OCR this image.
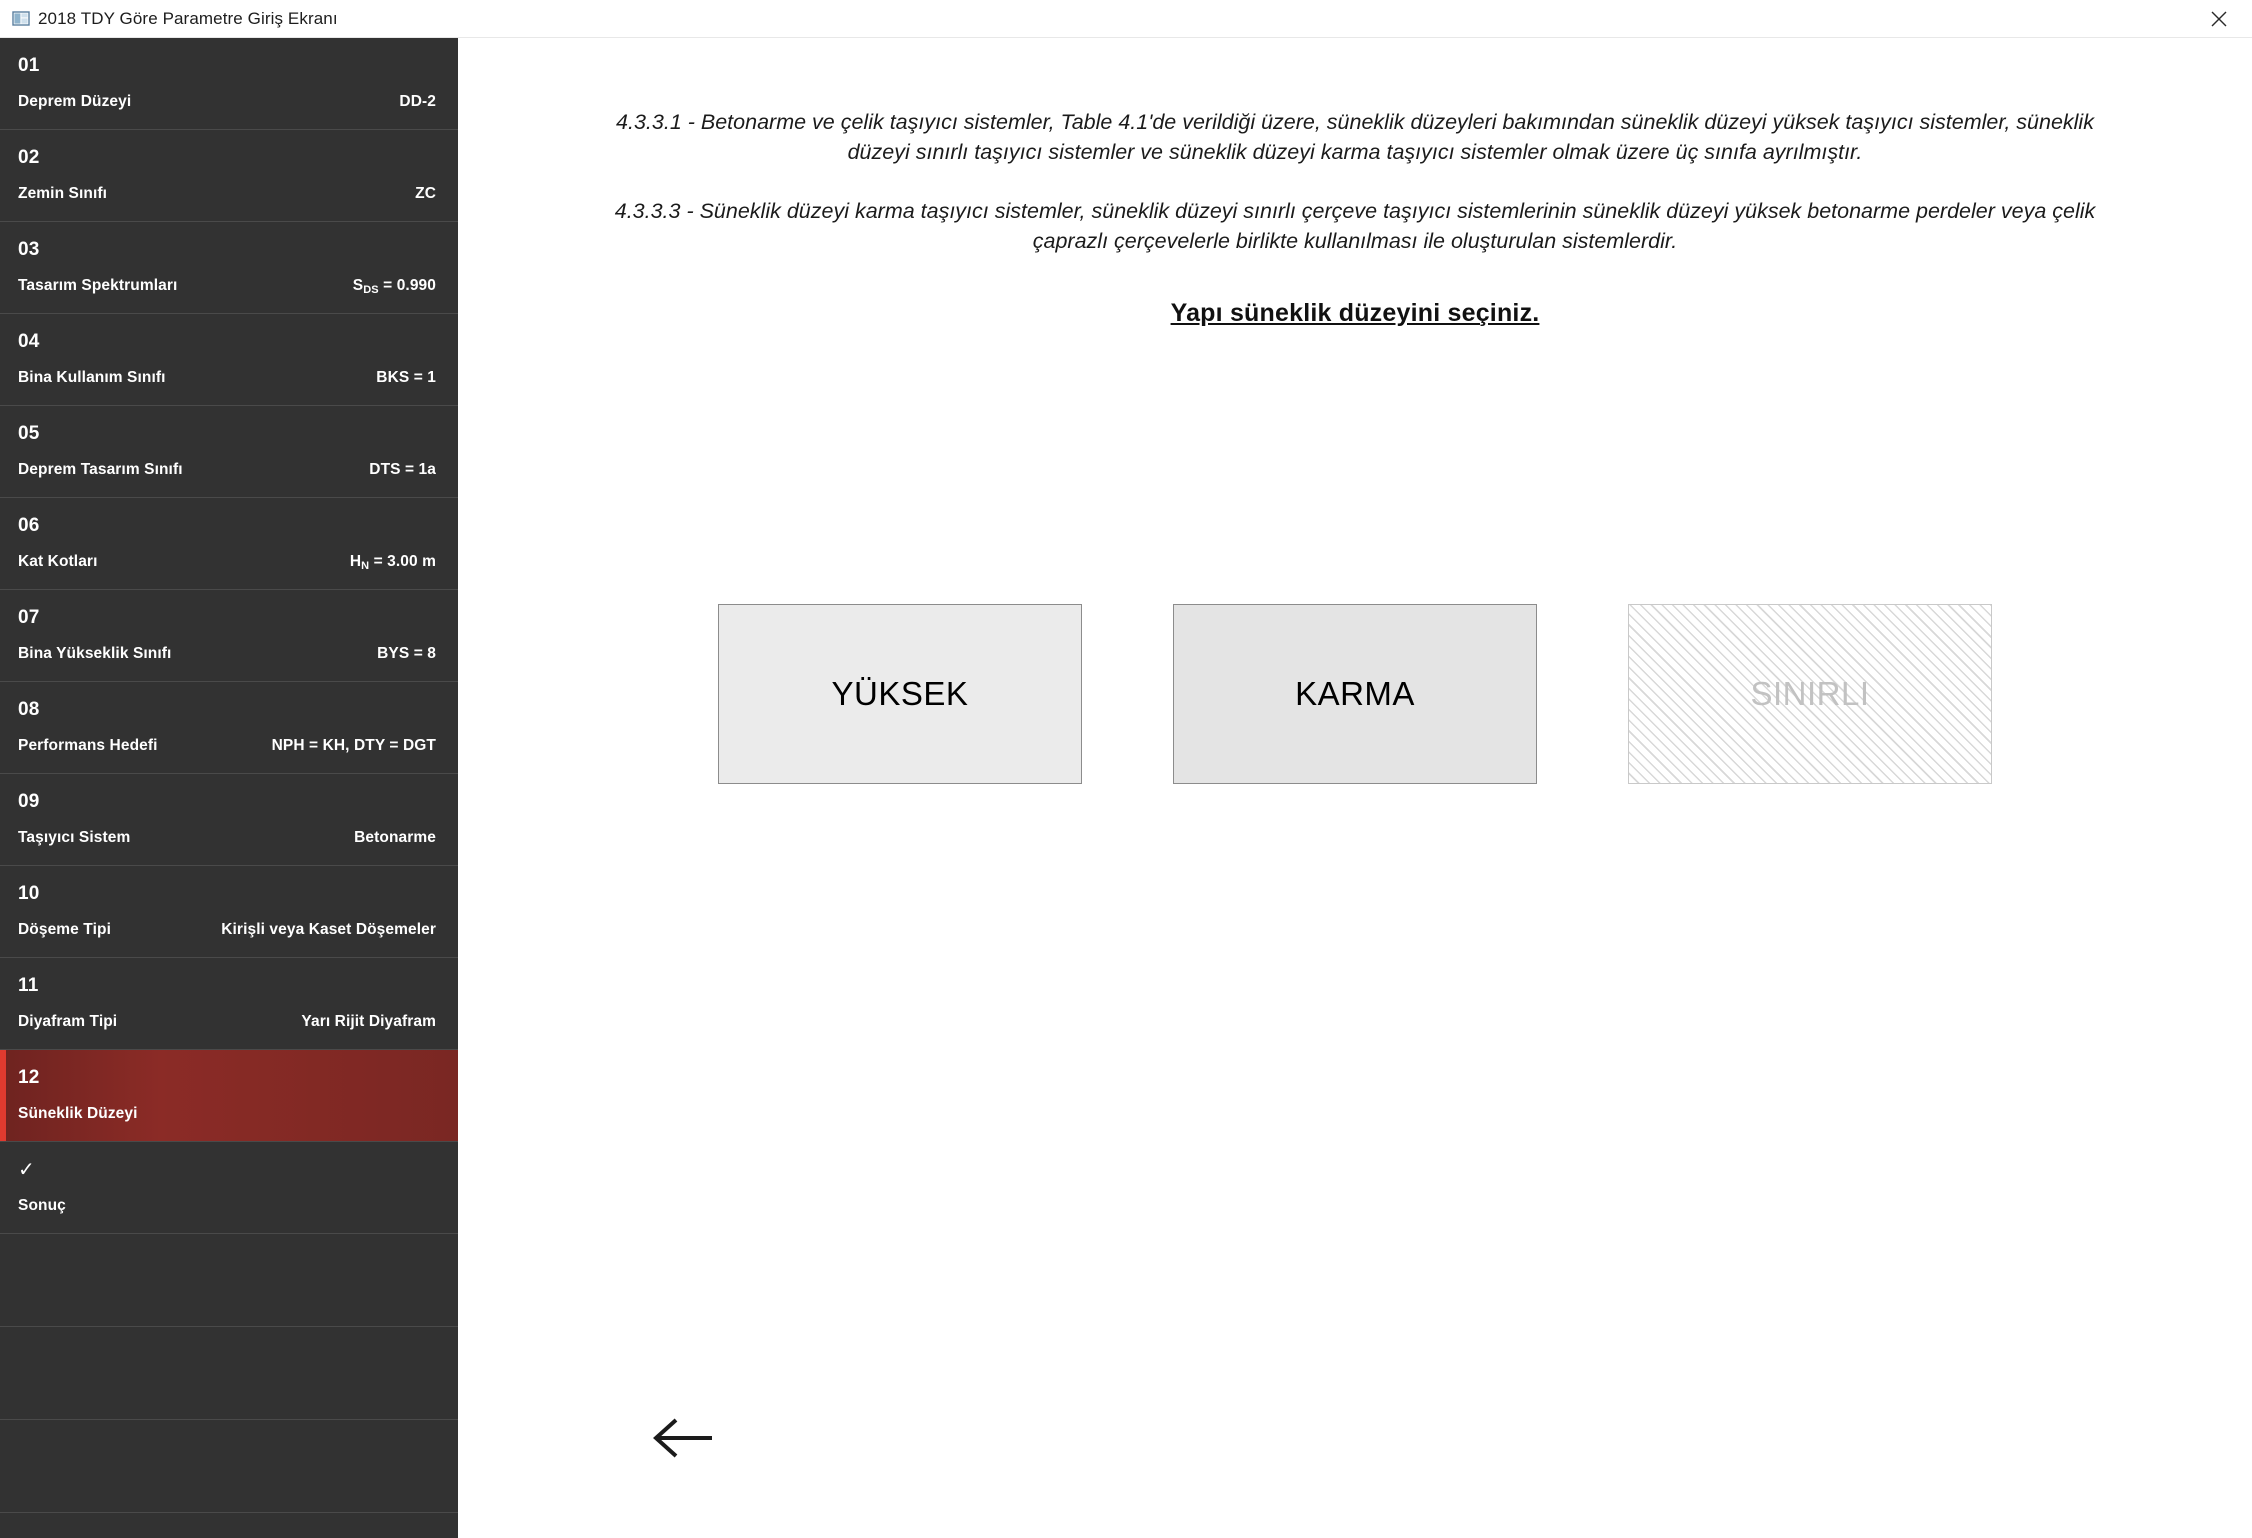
2018 TDY Göre Parametre Giriş Ekranı
01
Deprem Düzeyi	DD-2
02
Zemin Sınıfı	ZC
03
Tasarım Spektrumları	$S_{DS} = 0.990$
04
Bina Kullanım Sınıfı	BKS = 1
05
Deprem Tasarım Sınıfı	DTS = 1a
06
Kat Kotları	$H_N = 3.00$ m
07
Bina Yükseklik Sınıfı	BYS = 8
08
Performans Hedefi	NPH = KH, DTY = DGT
09
Taşıyıcı Sistem	Betonarme
10
Döşeme Tipi	Kirişli veya Kaset Döşemeler
11
Diyafram Tipi	Yarı Rijit Diyafram
12
Süneklik Düzeyi
✓
Sonuç
4.3.3.1 - Betonarme ve çelik taşıyıcı sistemler, Table 4.1'de verildiği üzere, süneklik düzeyleri bakımından süneklik düzeyi yüksek taşıyıcı sistemler, süneklik düzeyi sınırlı taşıyıcı sistemler ve süneklik düzeyi karma taşıyıcı sistemler olmak üzere üç sınıfa ayrılmıştır.
4.3.3.3 - Süneklik düzeyi karma taşıyıcı sistemler, süneklik düzeyi sınırlı çerçeve taşıyıcı sistemlerinin süneklik düzeyi yüksek betonarme perdeler veya çelik çaprazlı çerçevelerle birlikte kullanılması ile oluşturulan sistemlerdir.
Yapı süneklik düzeyini seçiniz.
YÜKSEK	KARMA	SINIRLI
